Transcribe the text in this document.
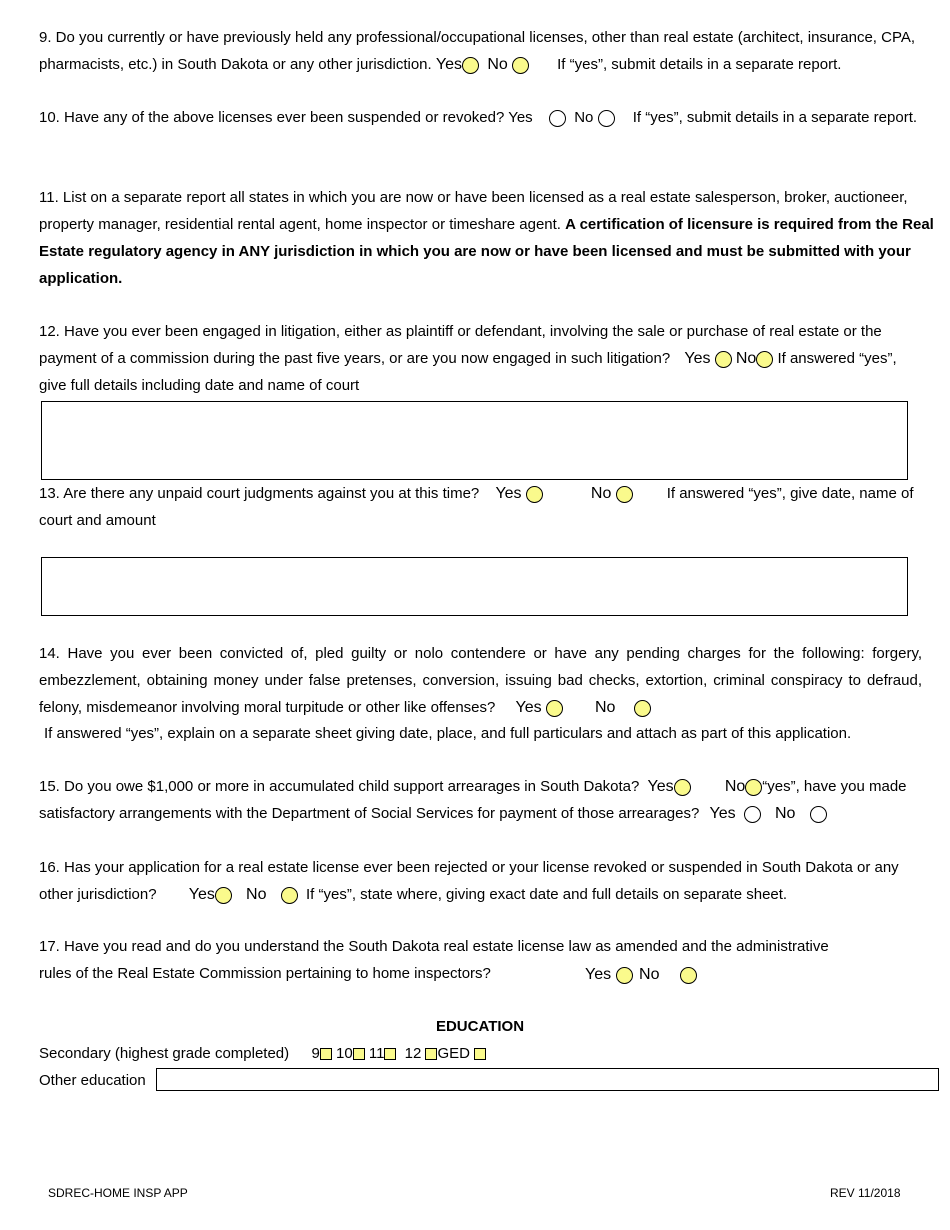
9. Do you currently or have previously held any professional/occupational licenses, other than real estate (architect, insurance, CPA, pharmacists, etc.) in South Dakota or any other jurisdiction. Yes No	If “yes”, submit details in a separate report.

10. Have any of the above licenses ever been suspended or revoked? Yes	No	If “yes”, submit details in a separate report.

11. List on a separate report all states in which you are now or have been licensed as a real estate salesperson, broker, auctioneer, property manager, residential rental agent, home inspector or timeshare agent. A certification of licensure is required from the Real Estate regulatory agency in ANY jurisdiction in which you are now or have been licensed and must be submitted with your application.

12. Have you ever been engaged in litigation, either as plaintiff or defendant, involving the sale or purchase of real estate or the payment of a commission during the past five years, or are you now engaged in such litigation? Yes No If answered “yes”, give full details including date and name of court

13. Are there any unpaid court judgments against you at this time? Yes	No	If answered “yes”, give date, name of court and amount

14. Have you ever been convicted of, pled guilty or nolo contendere or have any pending charges for the following: forgery, embezzlement, obtaining money under false pretenses, conversion, issuing bad checks, extortion, criminal conspiracy to defraud, felony, misdemeanor involving moral turpitude or other like offenses? Yes	No

If answered “yes”, explain on a separate sheet giving date, place, and full particulars and attach as part of this application.

15. Do you owe $1,000 or more in accumulated child support arrearages in South Dakota? Yes	No “yes”, have you made satisfactory arrangements with the Department of Social Services for payment of those arrearages? Yes No

16. Has your application for a real estate license ever been rejected or your license revoked or suspended in South Dakota or any other jurisdiction? Yes No	If “yes”, state where, giving exact date and full details on separate sheet.

17. Have you read and do you understand the South Dakota real estate license law as amended and the administrative
rules of the Real Estate Commission pertaining to home inspectors?	Yes No
EDUCATION
Secondary (highest grade completed) 9 10 11 12 GED
Other education
SDREC-HOME INSP APP	REV 11/2018
